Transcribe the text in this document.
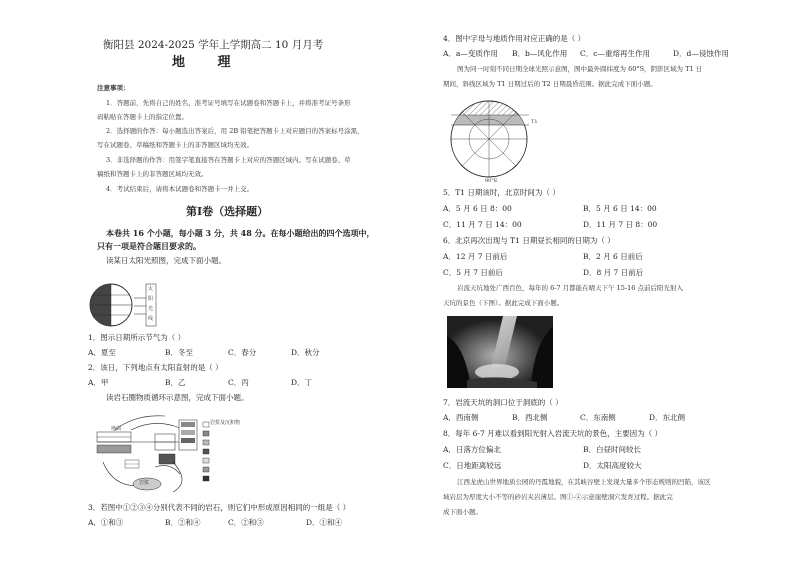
衡阳县 2024-2025 学年上学期高二 10 月月考
地 理
注意事项：
1．答题前，先将自己的姓名、准考证号填写在试题卷和答题卡上，并将准考证号条形
码粘贴在答题卡上的指定位置。
2．选择题的作答：每小题选出答案后，用 2B 铅笔把答题卡上对应题目的答案标号涂黑，
写在试题卷、草稿纸和答题卡上的非答题区域均无效。
3．非选择题的作答：用签字笔直接答在答题卡上对应的答题区域内。写在试题卷、草
稿纸和答题卡上的非答题区域均无效。
4．考试结束后，请将本试题卷和答题卡一并上交。
第Ⅰ卷（选择题）
本卷共 16 个小题，每小题 3 分，共 48 分。在每小题给出的四个选项中，
只有一项是符合题目要求的。
读某日太阳光照图，完成下面小题。
太
阳
光
线
1．图示日期所示节气为（ ）
A．夏至	B．冬至	C．春分	D．秋分
2．该日，下列地点有太阳直射的是（ ）
A．甲	B．乙	C．丙	D．丁
读岩石圈物质循环示意图，完成下面小题。
岩浆及沉积物
地面
岩浆
3．若图中①②③④分别代表不同的岩石，则它们中形成原因相同的一组是（ ）
A．①和③	B．②和④	C．②和③	D．①和④
4．图中字母与地质作用对应正确的是（ ）
A．a—变质作用 B．b—风化作用 C．c—重熔再生作用	D．d—侵蚀作用
图为同一时刻不同日期全球光照示意图，图中最外圆纬度为 60°S，阴影区域为 T1 日
期间，斜线区域为 T1 日期过后的 T2 日期晨昏范围。据此完成下面小题。
T1
90°E
5．T1 日期该时，北京时间为（ ）
A．5 月 6 日 8：00	B．5 月 6 日 14：00
C．11 月 7 日 14：00	D．11 月 7 日 8：00
6．北京再次出现与 T1 日期昼长相同的日期为（ ）
A．12 月 7 日前后	B．2 月 6 日前后
C．5 月 7 日前后	D．8 月 7 日前后
岩流天坑地处广西百色，每年的 6-7 月都能在晴天下午 15-16 点前后阳光射入
天坑的景色（下图）。据此完成下面小题。
7．岩流天坑的洞口位于洞底的（ ）
A．西南侧	B．西北侧	C．东南侧	D．东北侧
8．每年 6-7 月难以看到阳光射入岩流天坑的景色，主要因为（ ）
A．日落方位偏北	B．白昼时间较长
C．日地距离较远	D．太阳高度较大
江西龙虎山世界地质公园的丹霞地貌，在其峡谷壁上发现大量多个形态规则的凹陷，该区
域岩层为厚度大小不等的砂岩夹岩薄层。图①-④示意崖壁洞穴发育过程。据此完
成下面小题。
